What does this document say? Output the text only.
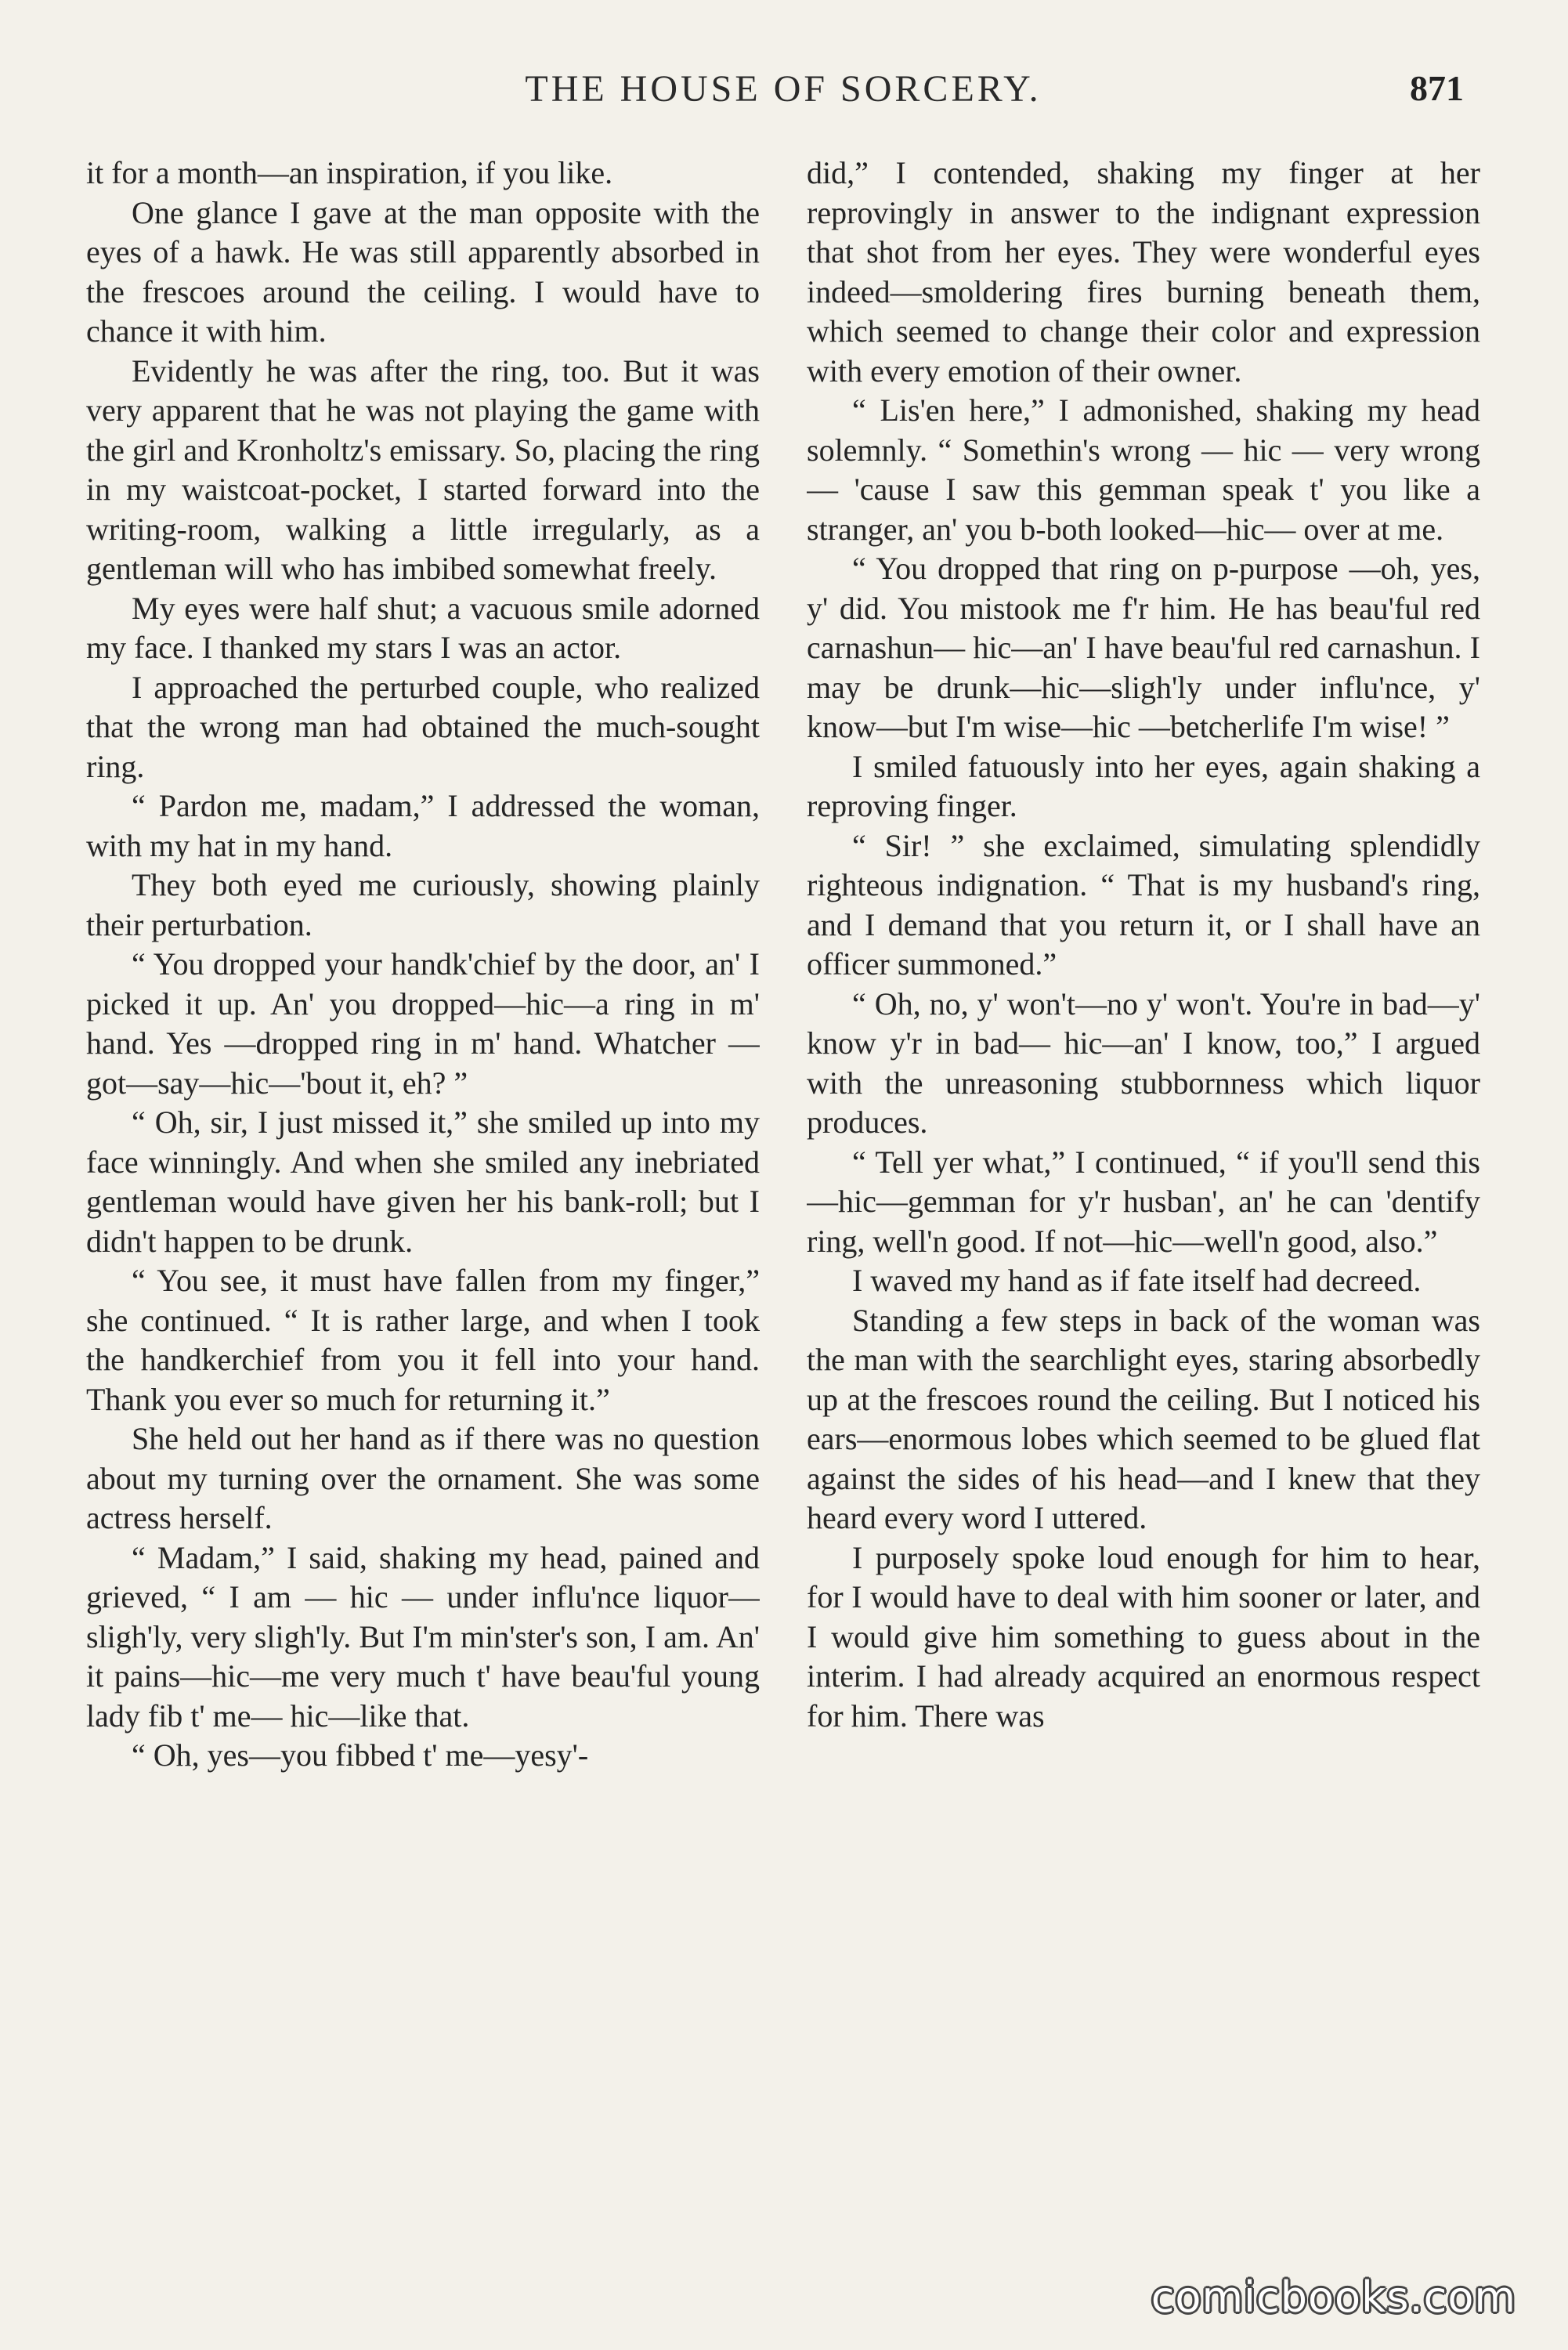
THE HOUSE OF SORCERY.	871

it for a month—an inspiration, if you like.

One glance I gave at the man opposite with the eyes of a hawk. He was still apparently absorbed in the frescoes around the ceiling. I would have to chance it with him.

Evidently he was after the ring, too. But it was very apparent that he was not playing the game with the girl and Kronholtz's emissary. So, placing the ring in my waistcoat-pocket, I started forward into the writing-room, walking a little irregularly, as a gentleman will who has imbibed somewhat freely.

My eyes were half shut; a vacuous smile adorned my face. I thanked my stars I was an actor.

I approached the perturbed couple, who realized that the wrong man had obtained the much-sought ring.

“ Pardon me, madam,” I addressed the woman, with my hat in my hand.

They both eyed me curiously, showing plainly their perturbation.

“ You dropped your handk'chief by the door, an' I picked it up. An' you dropped—hic—a ring in m' hand. Yes —dropped ring in m' hand. Whatcher —got—say—hic—'bout it, eh? ”

“ Oh, sir, I just missed it,” she smiled up into my face winningly. And when she smiled any inebriated gentleman would have given her his bank-roll; but I didn't happen to be drunk.

“ You see, it must have fallen from my finger,” she continued. “ It is rather large, and when I took the handkerchief from you it fell into your hand. Thank you ever so much for returning it.”

She held out her hand as if there was no question about my turning over the ornament. She was some actress herself.

“ Madam,” I said, shaking my head, pained and grieved, “ I am — hic — under influ'nce liquor—sligh'ly, very sligh'ly. But I'm min'ster's son, I am. An' it pains—hic—me very much t' have beau'ful young lady fib t' me— hic—like that.

“ Oh, yes—you fibbed t' me—yesy'-

did,” I contended, shaking my finger at her reprovingly in answer to the indignant expression that shot from her eyes. They were wonderful eyes indeed—smoldering fires burning beneath them, which seemed to change their color and expression with every emotion of their owner.

“ Lis'en here,” I admonished, shaking my head solemnly. “ Somethin's wrong — hic — very wrong — 'cause I saw this gemman speak t' you like a stranger, an' you b-both looked—hic— over at me.

“ You dropped that ring on p-purpose —oh, yes, y' did. You mistook me f'r him. He has beau'ful red carnashun— hic—an' I have beau'ful red carnashun. I may be drunk—hic—sligh'ly under influ'nce, y' know—but I'm wise—hic —betcherlife I'm wise! ”

I smiled fatuously into her eyes, again shaking a reproving finger.

“ Sir! ” she exclaimed, simulating splendidly righteous indignation. “ That is my husband's ring, and I demand that you return it, or I shall have an officer summoned.”

“ Oh, no, y' won't—no y' won't. You're in bad—y' know y'r in bad— hic—an' I know, too,” I argued with the unreasoning stubbornness which liquor produces.

“ Tell yer what,” I continued, “ if you'll send this—hic—gemman for y'r husban', an' he can 'dentify ring, well'n good. If not—hic—well'n good, also.”

I waved my hand as if fate itself had decreed.

Standing a few steps in back of the woman was the man with the searchlight eyes, staring absorbedly up at the frescoes round the ceiling. But I noticed his ears—enormous lobes which seemed to be glued flat against the sides of his head—and I knew that they heard every word I uttered.

I purposely spoke loud enough for him to hear, for I would have to deal with him sooner or later, and I would give him something to guess about in the interim. I had already acquired an enormous respect for him. There was

comicbooks.com
